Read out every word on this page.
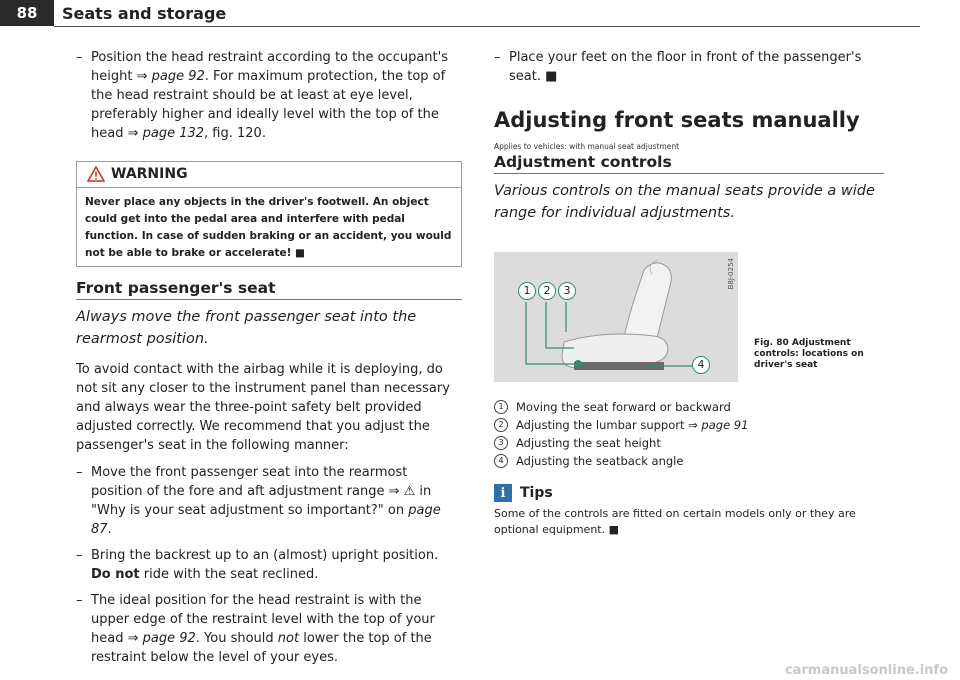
88	Seats and storage
– Position the head restraint according to the occupant's height ⇒ page 92. For maximum protection, the top of the head restraint should be at least at eye level, preferably higher and ideally level with the top of the head ⇒ page 132, fig. 120.
WARNING
Never place any objects in the driver's footwell. An object could get into the pedal area and interfere with pedal function. In case of sudden braking or an accident, you would not be able to brake or accelerate! ■
Front passenger's seat

Always move the front passenger seat into the rearmost position.

To avoid contact with the airbag while it is deploying, do not sit any closer to the instrument panel than necessary and always wear the three-point safety belt provided adjusted correctly. We recommend that you adjust the passenger's seat in the following manner:

– Move the front passenger seat into the rearmost position of the fore and aft adjustment range ⇒ ⚠ in "Why is your seat adjustment so important?" on page 87.
– Bring the backrest up to an (almost) upright position. Do not ride with the seat reclined.
– The ideal position for the head restraint is with the upper edge of the restraint level with the top of your head ⇒ page 92. You should not lower the top of the restraint below the level of your eyes.
– Place your feet on the floor in front of the passenger's seat. ■
Adjusting front seats manually
Applies to vehicles: with manual seat adjustment
Adjustment controls

Various controls on the manual seats provide a wide range for individual adjustments.

B8J-0254
1	2	3
4
Fig. 80 Adjustment controls: locations on driver's seat
1	Moving the seat forward or backward
2	Adjusting the lumbar support ⇒ page 91
3	Adjusting the seat height
4	Adjusting the seatback angle
i	Tips

Some of the controls are fitted on certain models only or they are optional equipment. ■

carmanualsonline.info
